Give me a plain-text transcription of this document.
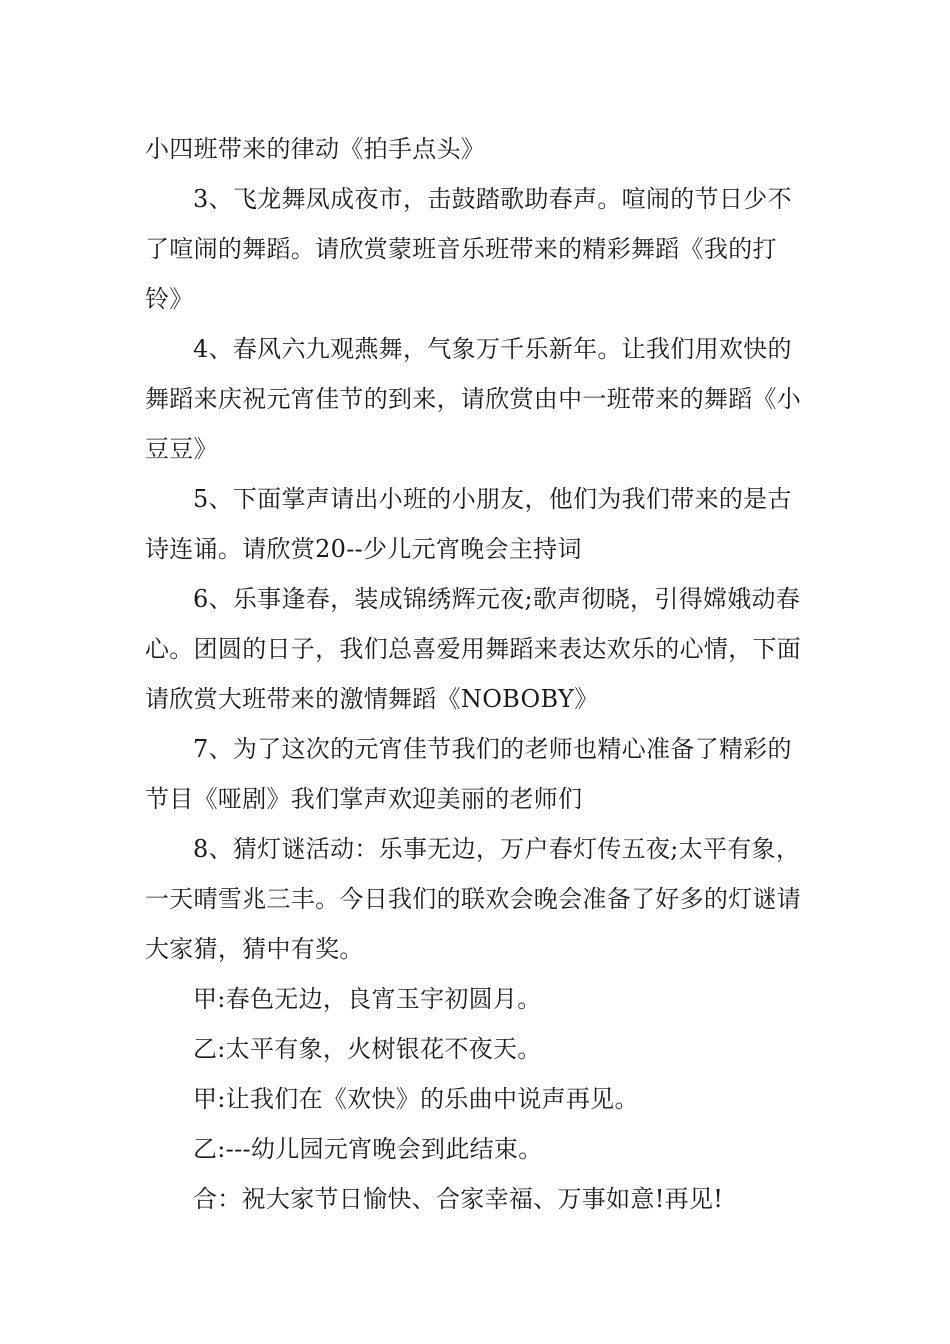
小四班带来的律动《拍手点头》

3、飞龙舞凤成夜市，击鼓踏歌助春声。喧闹的节日少不了喧闹的舞蹈。请欣赏蒙班音乐班带来的精彩舞蹈《我的打铃》

4、春风六九观燕舞，气象万千乐新年。让我们用欢快的舞蹈来庆祝元宵佳节的到来，请欣赏由中一班带来的舞蹈《小豆豆》

5、下面掌声请出小班的小朋友，他们为我们带来的是古诗连诵。请欣赏20--少儿元宵晚会主持词

6、乐事逢春，装成锦绣辉元夜;歌声彻晓，引得嫦娥动春心。团圆的日子，我们总喜爱用舞蹈来表达欢乐的心情，下面请欣赏大班带来的激情舞蹈《NOBOBY》

7、为了这次的元宵佳节我们的老师也精心准备了精彩的节目《哑剧》我们掌声欢迎美丽的老师们

8、猜灯谜活动：乐事无边，万户春灯传五夜;太平有象，一天晴雪兆三丰。今日我们的联欢会晚会准备了好多的灯谜请大家猜，猜中有奖。

甲:春色无边，良宵玉宇初圆月。

乙:太平有象，火树银花不夜天。

甲:让我们在《欢快》的乐曲中说声再见。

乙:---幼儿园元宵晚会到此结束。

合：祝大家节日愉快、合家幸福、万事如意!再见!
